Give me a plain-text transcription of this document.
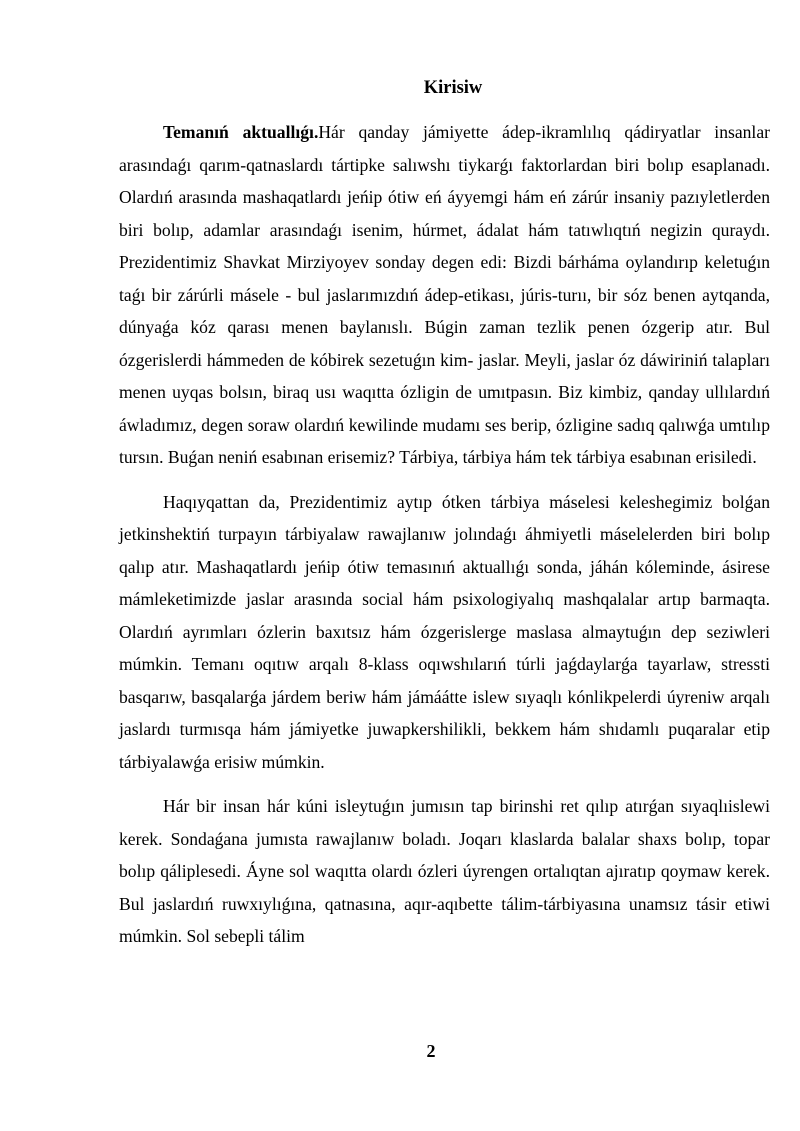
Kirisiw

Temanıń aktuallıǵı.Hár qanday jámiyette ádep-ikramlılıq qádiryatlar insanlar arasındaǵı qarım-qatnaslardı tártipke salıwshı tiykarǵı faktorlardan biri bolıp esaplanadı. Olardıń arasında mashaqatlardı jeńip ótiw eń áyyemgi hám eń zárúr insaniy pazıyletlerden biri bolıp, adamlar arasındaǵı isenim, húrmet, ádalat hám tatıwlıqtıń negizin quraydı. Prezidentimiz Shavkat Mirziyoyev sonday degen edi: Bizdi bárháma oylandırıp keletuǵın taǵı bir zárúrli másele - bul jaslarımızdıń ádep-etikası, júris-turıı, bir sóz benen aytqanda, dúnyaǵa kóz qarası menen baylanıslı. Búgin zaman tezlik penen ózgerip atır. Bul ózgerislerdi hámmeden de kóbirek sezetuǵın kim- jaslar. Meyli, jaslar óz dáwiriniń talapları menen uyqas bolsın, biraq usı waqıtta ózligin de umıtpasın. Biz kimbiz, qanday ullılardıń áwladımız, degen soraw olardıń kewilinde mudamı ses berip, ózligine sadıq qalıwǵa umtılıp tursın. Buǵan neniń esabınan erisemiz? Tárbiya, tárbiya hám tek tárbiya esabınan erisiledi.

Haqıyqattan da, Prezidentimiz aytıp ótken tárbiya máselesi keleshegimiz bolǵan jetkinshektiń turpayın tárbiyalaw rawajlanıw jolındaǵı áhmiyetli máselelerden biri bolıp qalıp atır. Mashaqatlardı jeńip ótiw temasınıń aktuallıǵı sonda, jáhán kóleminde, ásirese mámleketimizde jaslar arasında social hám psixologiyalıq mashqalalar artıp barmaqta. Olardıń ayrımları ózlerin baxıtsız hám ózgerislerge maslasa almaytuǵın dep seziwleri múmkin. Temanı oqıtıw arqalı 8-klass oqıwshılarıń túrli jaǵdaylarǵa tayarlaw, stressti basqarıw, basqalarǵa járdem beriw hám jámáátte islew sıyaqlı kónlikpelerdi úyreniw arqalı jaslardı turmısqa hám jámiyetke juwapkershilikli, bekkem hám shıdamlı puqaralar etip tárbiyalawǵa erisiw múmkin.

Hár bir insan hár kúni isleytuǵın jumısın tap birinshi ret qılıp atırǵan sıyaqlıislewi kerek. Sondaǵana jumısta rawajlanıw boladı. Joqarı klaslarda balalar shaxs bolıp, topar bolıp qáliplesedi. Áyne sol waqıtta olardı ózleri úyrengen ortalıqtan ajıratıp qoymaw kerek. Bul jaslardıń ruwxıylıǵına, qatnasına, aqır-aqıbette tálim-tárbiyasına unamsız tásir etiwi múmkin. Sol sebepli tálim

2
